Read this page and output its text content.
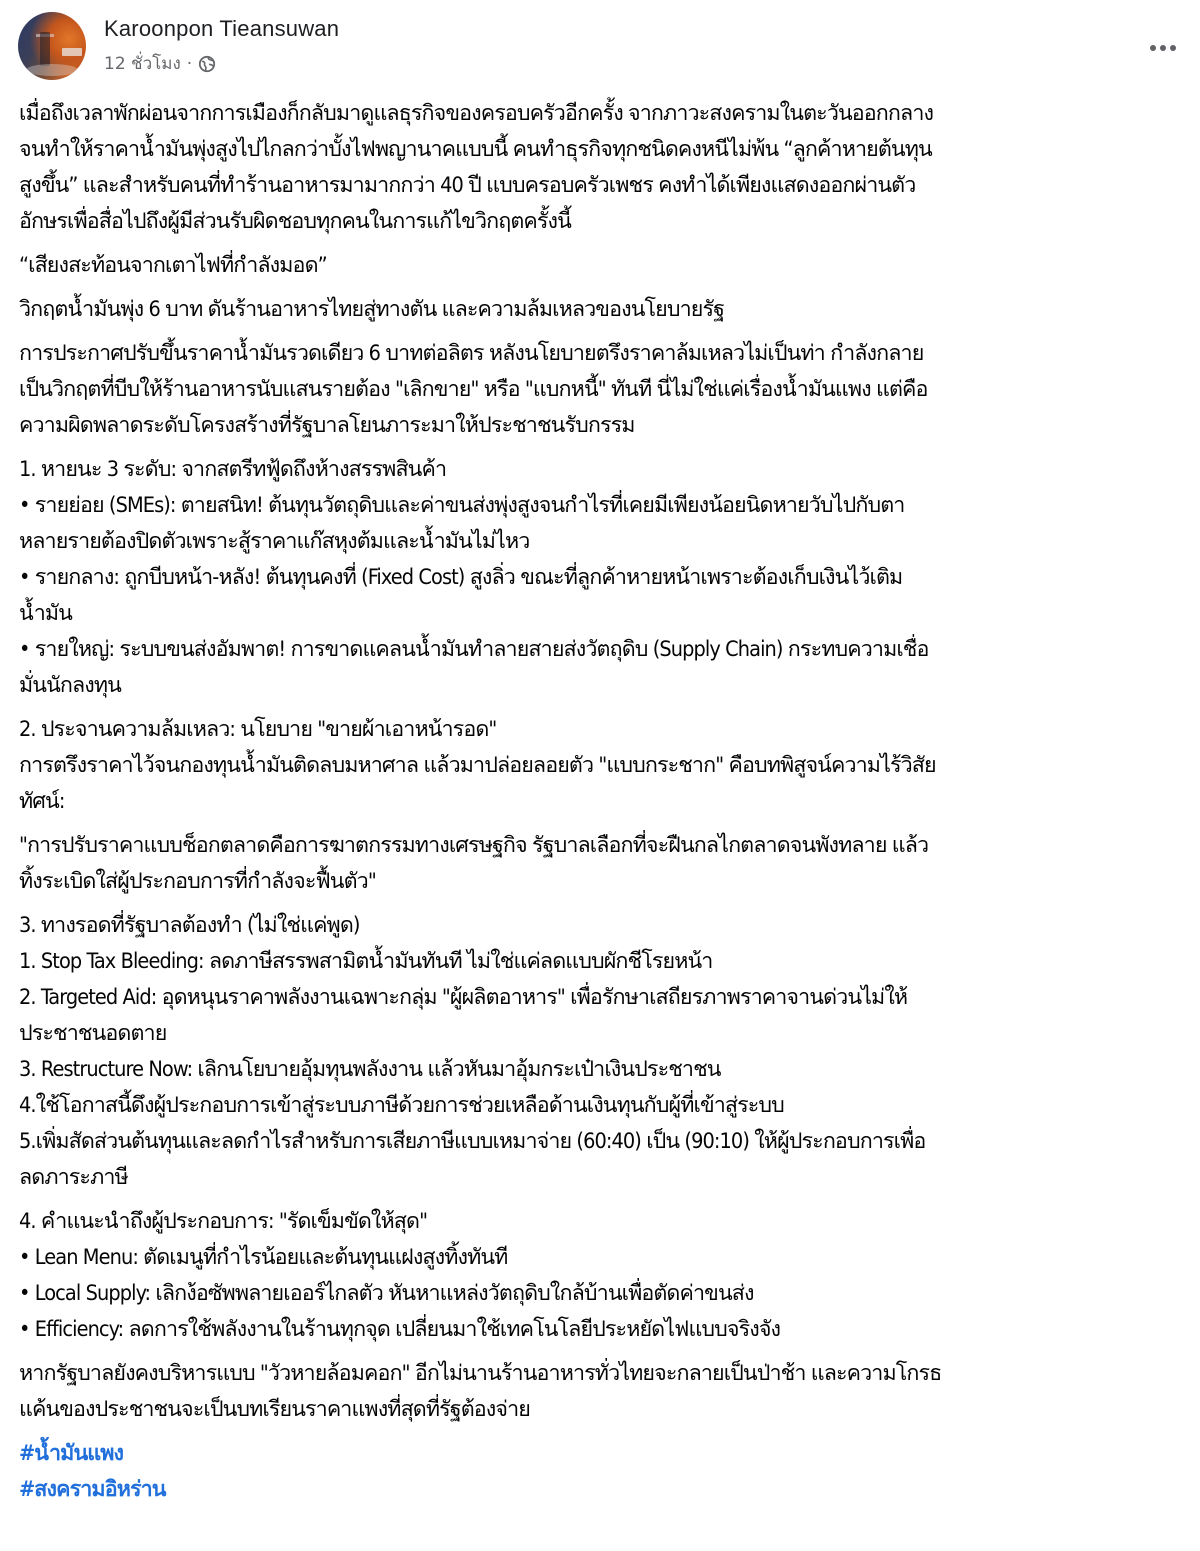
Karoonpon Tieansuwan
12 ชั่วโมง ·

เมื่อถึงเวลาพักผ่อนจากการเมืองก็กลับมาดูแลธุรกิจของครอบครัวอีกครั้ง จากภาวะสงครามในตะวันออกกลาง

จนทำให้ราคาน้ำมันพุ่งสูงไปไกลกว่าบั้งไฟพญานาคแบบนี้ คนทำธุรกิจทุกชนิดคงหนีไม่พ้น “ลูกค้าหายต้นทุน

สูงขึ้น” และสำหรับคนที่ทำร้านอาหารมามากกว่า 40 ปี แบบครอบครัวเพชร คงทำได้เพียงแสดงออกผ่านตัว

อักษรเพื่อสื่อไปถึงผู้มีส่วนรับผิดชอบทุกคนในการแก้ไขวิกฤตครั้งนี้

“เสียงสะท้อนจากเตาไฟที่กำลังมอด”

วิกฤตน้ำมันพุ่ง 6 บาท ดันร้านอาหารไทยสู่ทางตัน และความล้มเหลวของนโยบายรัฐ

การประกาศปรับขึ้นราคาน้ำมันรวดเดียว 6 บาทต่อลิตร หลังนโยบายตรึงราคาล้มเหลวไม่เป็นท่า กำลังกลาย

เป็นวิกฤตที่บีบให้ร้านอาหารนับแสนรายต้อง "เลิกขาย" หรือ "แบกหนี้" ทันที นี่ไม่ใช่แค่เรื่องน้ำมันแพง แต่คือ

ความผิดพลาดระดับโครงสร้างที่รัฐบาลโยนภาระมาให้ประชาชนรับกรรม

1. หายนะ 3 ระดับ: จากสตรีทฟู้ดถึงห้างสรรพสินค้า

• รายย่อย (SMEs): ตายสนิท! ต้นทุนวัตถุดิบและค่าขนส่งพุ่งสูงจนกำไรที่เคยมีเพียงน้อยนิดหายวับไปกับตา

หลายรายต้องปิดตัวเพราะสู้ราคาแก๊สหุงต้มและน้ำมันไม่ไหว

• รายกลาง: ถูกบีบหน้า-หลัง! ต้นทุนคงที่ (Fixed Cost) สูงลิ่ว ขณะที่ลูกค้าหายหน้าเพราะต้องเก็บเงินไว้เติม

น้ำมัน

• รายใหญ่: ระบบขนส่งอัมพาต! การขาดแคลนน้ำมันทำลายสายส่งวัตถุดิบ (Supply Chain) กระทบความเชื่อ

มั่นนักลงทุน

2. ประจานความล้มเหลว: นโยบาย "ขายผ้าเอาหน้ารอด"

การตรึงราคาไว้จนกองทุนน้ำมันติดลบมหาศาล แล้วมาปล่อยลอยตัว "แบบกระชาก" คือบทพิสูจน์ความไร้วิสัย

ทัศน์:

"การปรับราคาแบบช็อกตลาดคือการฆาตกรรมทางเศรษฐกิจ รัฐบาลเลือกที่จะฝืนกลไกตลาดจนพังทลาย แล้ว

ทิ้งระเบิดใส่ผู้ประกอบการที่กำลังจะฟื้นตัว"

3. ทางรอดที่รัฐบาลต้องทำ (ไม่ใช่แค่พูด)

1. Stop Tax Bleeding: ลดภาษีสรรพสามิตน้ำมันทันที ไม่ใช่แค่ลดแบบผักชีโรยหน้า

2. Targeted Aid: อุดหนุนราคาพลังงานเฉพาะกลุ่ม "ผู้ผลิตอาหาร" เพื่อรักษาเสถียรภาพราคาจานด่วนไม่ให้

ประชาชนอดตาย

3. Restructure Now: เลิกนโยบายอุ้มทุนพลังงาน แล้วหันมาอุ้มกระเป๋าเงินประชาชน

4.ใช้โอกาสนี้ดึงผู้ประกอบการเข้าสู่ระบบภาษีด้วยการช่วยเหลือด้านเงินทุนกับผู้ที่เข้าสู่ระบบ

5.เพิ่มสัดส่วนต้นทุนและลดกำไรสำหรับการเสียภาษีแบบเหมาจ่าย (60:40) เป็น (90:10) ให้ผู้ประกอบการเพื่อ

ลดภาระภาษี

4. คำแนะนำถึงผู้ประกอบการ: "รัดเข็มขัดให้สุด"

• Lean Menu: ตัดเมนูที่กำไรน้อยและต้นทุนแฝงสูงทิ้งทันที

• Local Supply: เลิกง้อซัพพลายเออร์ไกลตัว หันหาแหล่งวัตถุดิบใกล้บ้านเพื่อตัดค่าขนส่ง

• Efficiency: ลดการใช้พลังงานในร้านทุกจุด เปลี่ยนมาใช้เทคโนโลยีประหยัดไฟแบบจริงจัง

หากรัฐบาลยังคงบริหารแบบ "วัวหายล้อมคอก" อีกไม่นานร้านอาหารทั่วไทยจะกลายเป็นป่าช้า และความโกรธ

แค้นของประชาชนจะเป็นบทเรียนราคาแพงที่สุดที่รัฐต้องจ่าย

#น้ำมันแพง
#สงครามอิหร่าน
